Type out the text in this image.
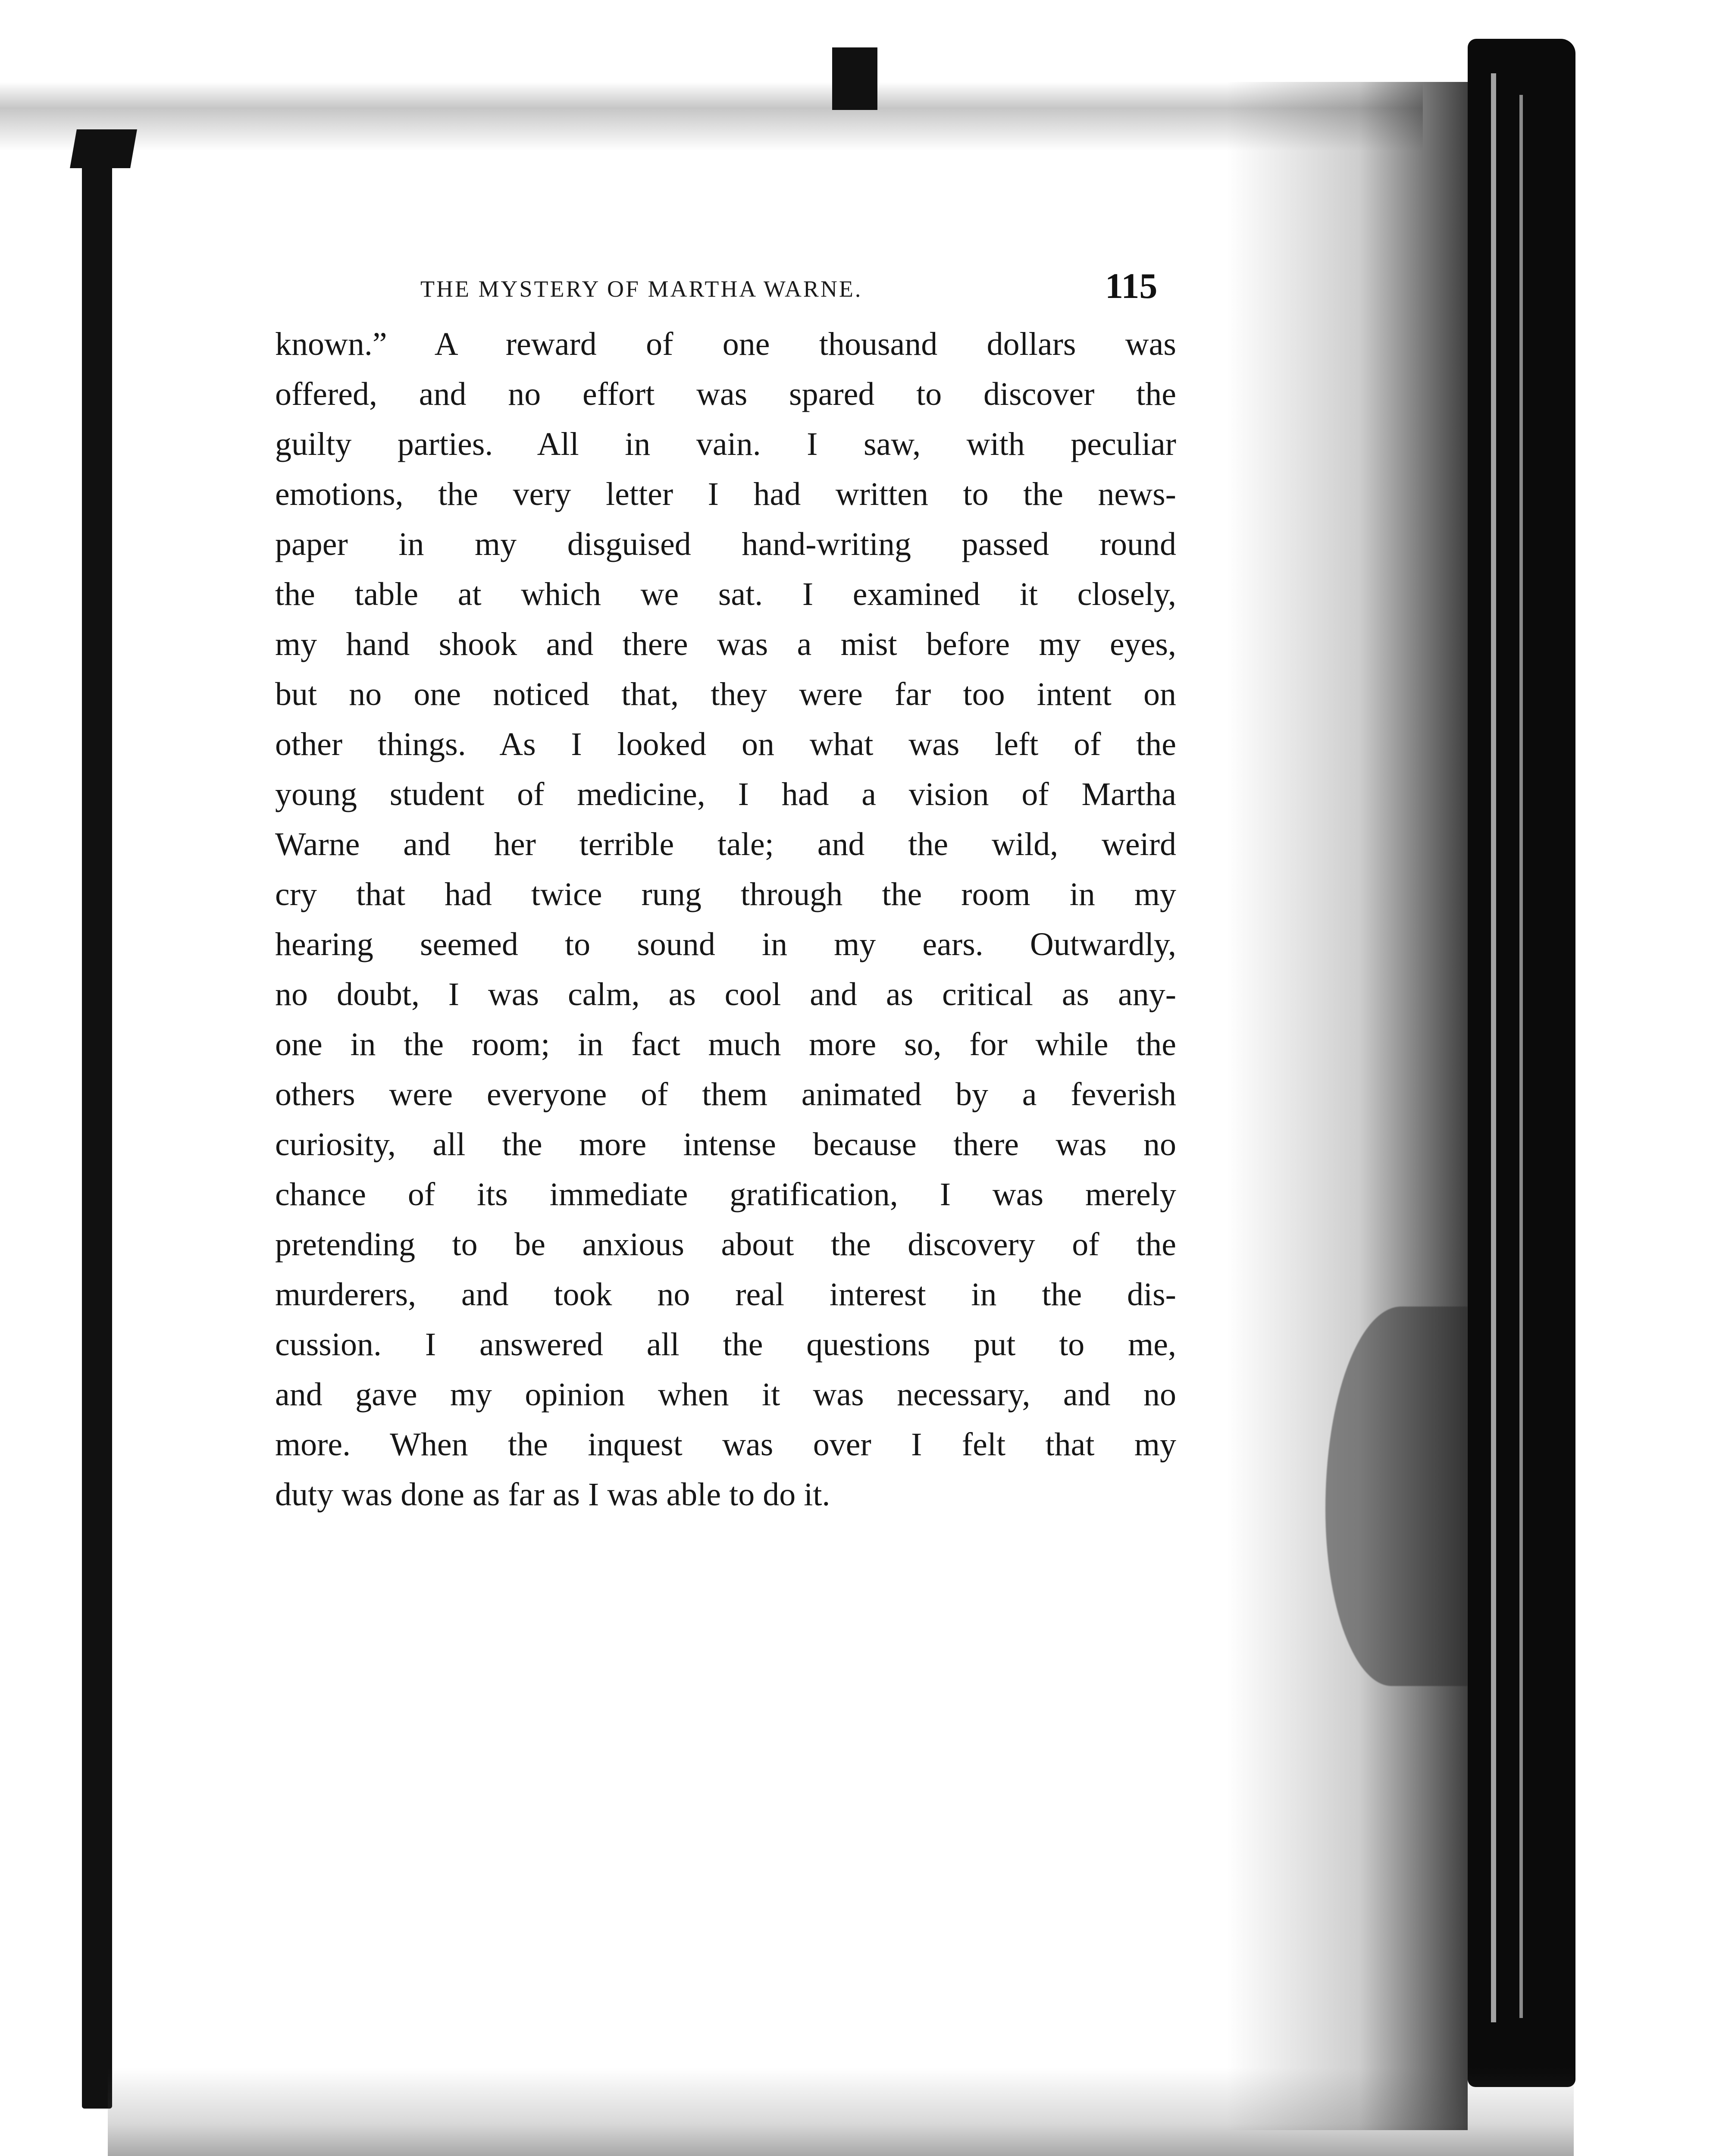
THE MYSTERY OF MARTHA WARNE.	115
known.” A reward of one thousand dollars was
offered, and no effort was spared to discover the
guilty parties. All in vain. I saw, with peculiar
emotions, the very letter I had written to the news-
paper in my disguised hand-writing passed round
the table at which we sat. I examined it closely,
my hand shook and there was a mist before my eyes,
but no one noticed that, they were far too intent on
other things. As I looked on what was left of the
young student of medicine, I had a vision of Martha
Warne and her terrible tale; and the wild, weird
cry that had twice rung through the room in my
hearing seemed to sound in my ears. Outwardly,
no doubt, I was calm, as cool and as critical as any-
one in the room; in fact much more so, for while the
others were everyone of them animated by a feverish
curiosity, all the more intense because there was no
chance of its immediate gratification, I was merely
pretending to be anxious about the discovery of the
murderers, and took no real interest in the dis-
cussion. I answered all the questions put to me,
and gave my opinion when it was necessary, and no
more. When the inquest was over I felt that my
duty was done as far as I was able to do it.
